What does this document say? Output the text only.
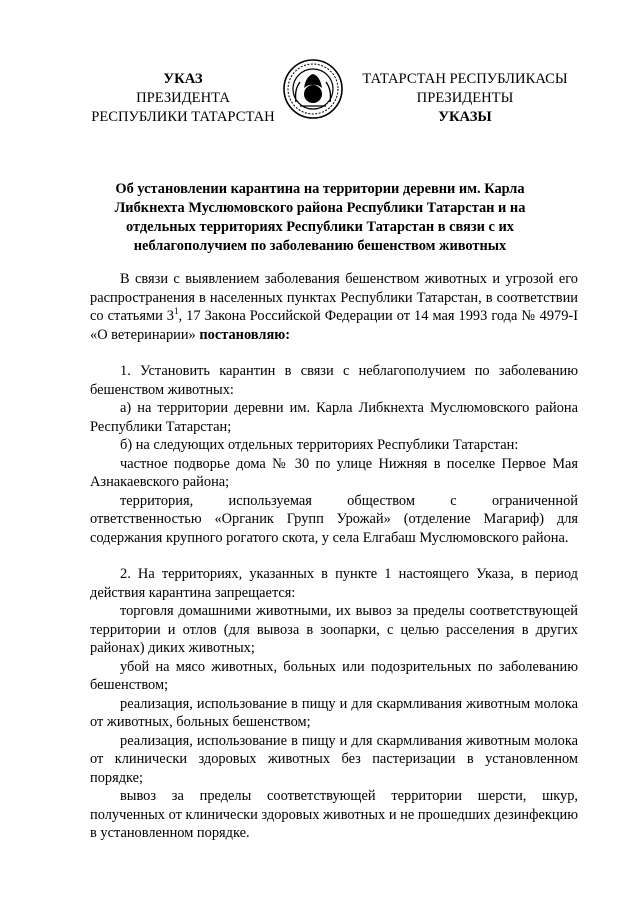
УКАЗ
ПРЕЗИДЕНТА
РЕСПУБЛИКИ ТАТАРСТАН
ТАТАРСТАН РЕСПУБЛИКАСЫ
ПРЕЗИДЕНТЫ
УКАЗЫ
Об установлении карантина на территории деревни им. Карла Либкнехта Муслюмовского района Республики Татарстан и на отдельных территориях Республики Татарстан в связи с их неблагополучием по заболеванию бешенством животных

В связи с выявлением заболевания бешенством животных и угрозой его распространения в населенных пунктах Республики Татарстан, в соответствии со статьями $3^1$, 17 Закона Российской Федерации от 14 мая 1993 года № 4979-I «О ветеринарии» постановляю:

1. Установить карантин в связи с неблагополучием по заболеванию бешенством животных:

а) на территории деревни им. Карла Либкнехта Муслюмовского района Республики Татарстан;

б) на следующих отдельных территориях Республики Татарстан:

частное подворье дома № 30 по улице Нижняя в поселке Первое Мая Азнакаевского района;

территория, используемая обществом с ограниченной

ответственностью «Органик Групп Урожай» (отделение Магариф) для содержания крупного рогатого скота, у села Елгабаш Муслюмовского района.

2. На территориях, указанных в пункте 1 настоящего Указа, в период действия карантина запрещается:

торговля домашними животными, их вывоз за пределы соответствующей территории и отлов (для вывоза в зоопарки, с целью расселения в других районах) диких животных;

убой на мясо животных, больных или подозрительных по заболеванию бешенством;

реализация, использование в пищу и для скармливания животным молока от животных, больных бешенством;

реализация, использование в пищу и для скармливания животным молока от клинически здоровых животных без пастеризации в установленном порядке;

вывоз за пределы соответствующей территории шерсти, шкур, полученных от клинически здоровых животных и не прошедших дезинфекцию в установленном порядке.
